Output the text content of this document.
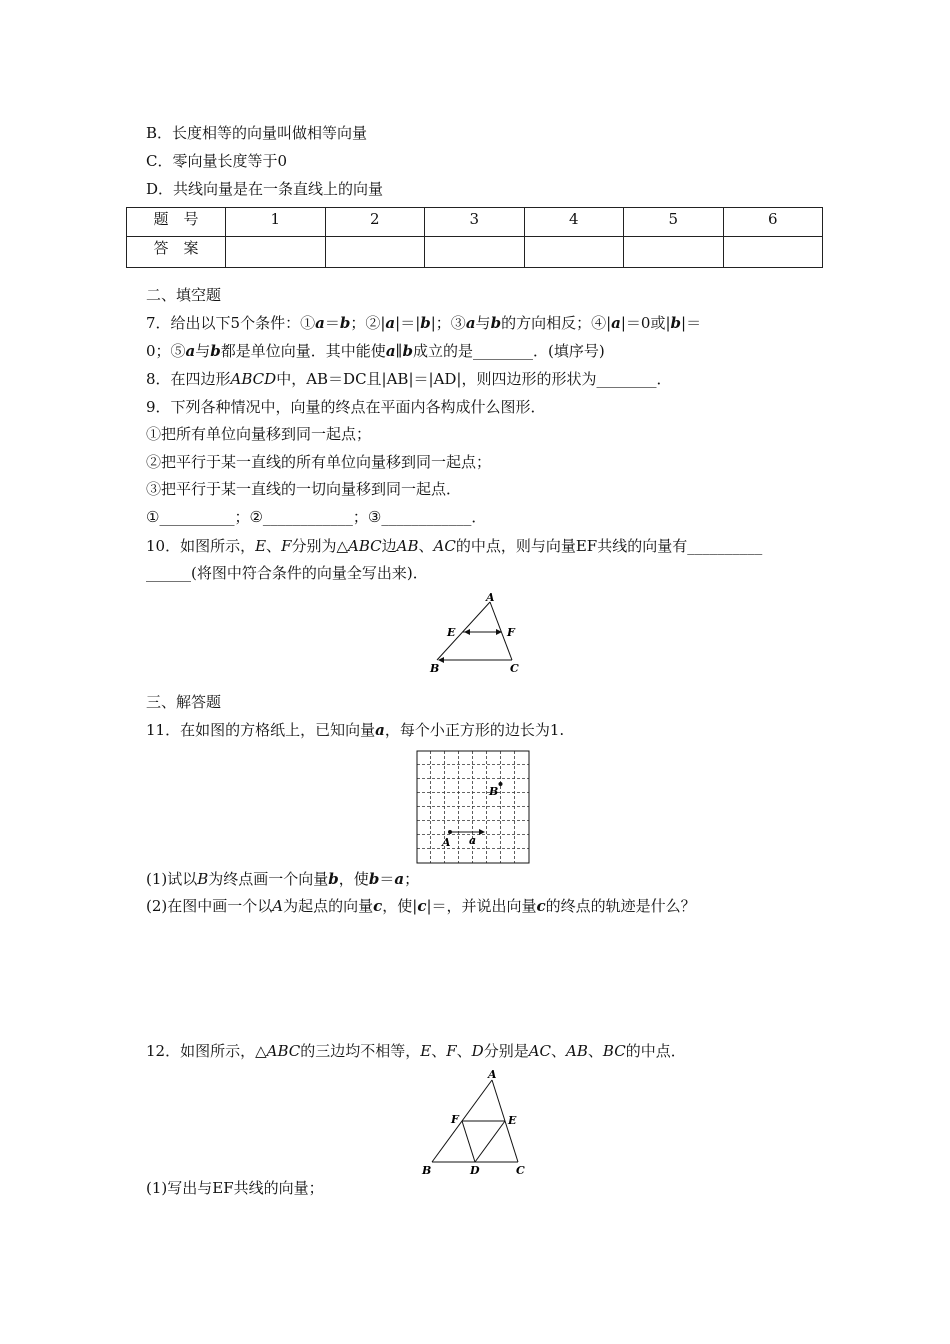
B．长度相等的向量叫做相等向量
C．零向量长度等于0
D．共线向量是在一条直线上的向量
题　号	1	2	3	4	5	6
答　案						
二、填空题
7．给出以下5个条件：①a＝b；②|a|＝|b|；③a与b的方向相反；④|a|＝0或|b|＝
0；⑤a与b都是单位向量．其中能使a∥b成立的是________．(填序号)
8．在四边形ABCD中，AB＝DC且|AB|＝|AD|，则四边形的形状为________．
9．下列各种情况中，向量的终点在平面内各构成什么图形．
①把所有单位向量移到同一起点；
②把平行于某一直线的所有单位向量移到同一起点；
③把平行于某一直线的一切向量移到同一起点．
①__________；②____________；③____________．
10．如图所示，E、F分别为△ABC边AB、AC的中点，则与向量EF共线的向量有__________
______(将图中符合条件的向量全写出来)．
A
E	F
B	C
三、解答题
11．在如图的方格纸上，已知向量a，每个小正方形的边长为1.
B
A a
(1)试以B为终点画一个向量b，使b＝a；
(2)在图中画一个以A为起点的向量c，使|c|＝，并说出向量c的终点的轨迹是什么？
12．如图所示，△ABC的三边均不相等，E、F、D分别是AC、AB、BC的中点．
A
F	E
B	D	C
(1)写出与EF共线的向量；
